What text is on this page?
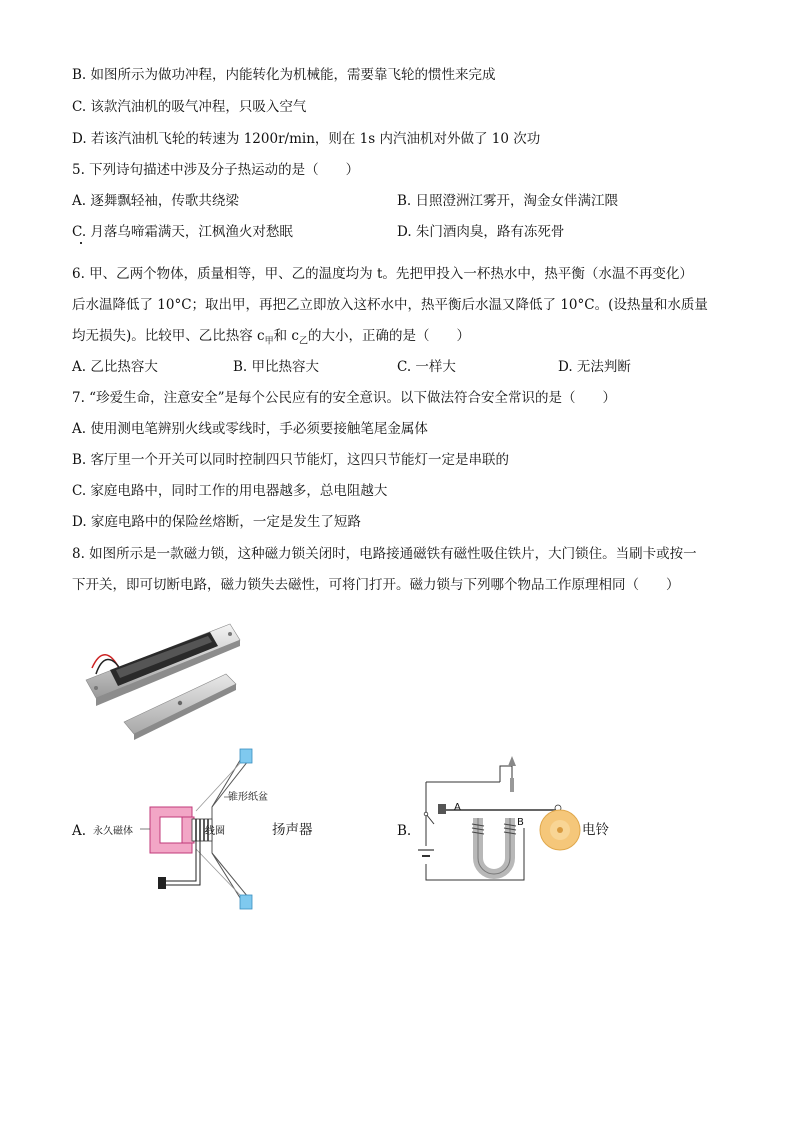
B. 如图所示为做功冲程，内能转化为机械能，需要靠飞轮的惯性来完成
C. 该款汽油机的吸气冲程，只吸入空气
D. 若该汽油机飞轮的转速为 1200r/min，则在 1s 内汽油机对外做了 10 次功
5. 下列诗句描述中涉及分子热运动的是（　　）
A. 逐舞飘轻袖，传歌共绕梁	B. 日照澄洲江雾开，淘金女伴满江隈
C. 月落乌啼霜满天，江枫渔火对愁眠	D. 朱门酒肉臭，路有冻死骨
6. 甲、乙两个物体，质量相等，甲、乙的温度均为 t。先把甲投入一杯热水中，热平衡（水温不再变化）
后水温降低了 10°C；取出甲，再把乙立即放入这杯水中，热平衡后水温又降低了 10°C。(设热量和水质量
均无损失)。比较甲、乙比热容 $c_甲$和 $c_乙$的大小，正确的是（　　）
A. 乙比热容大	B. 甲比热容大	C. 一样大	D. 无法判断
7. “珍爱生命，注意安全”是每个公民应有的安全意识。以下做法符合安全常识的是（　　）
A. 使用测电笔辨别火线或零线时，手必须要接触笔尾金属体
B. 客厅里一个开关可以同时控制四只节能灯，这四只节能灯一定是串联的
C. 家庭电路中，同时工作的用电器越多，总电阻越大
D. 家庭电路中的保险丝熔断，一定是发生了短路
8. 如图所示是一款磁力锁，这种磁力锁关闭时，电路接通磁铁有磁性吸住铁片，大门锁住。当刷卡或按一
下开关，即可切断电路，磁力锁失去磁性，可将门打开。磁力锁与下列哪个物品工作原理相同（　　）
A. 永久磁体	线圈
锥形纸盆
扬声器	B.
A
B	电铃
